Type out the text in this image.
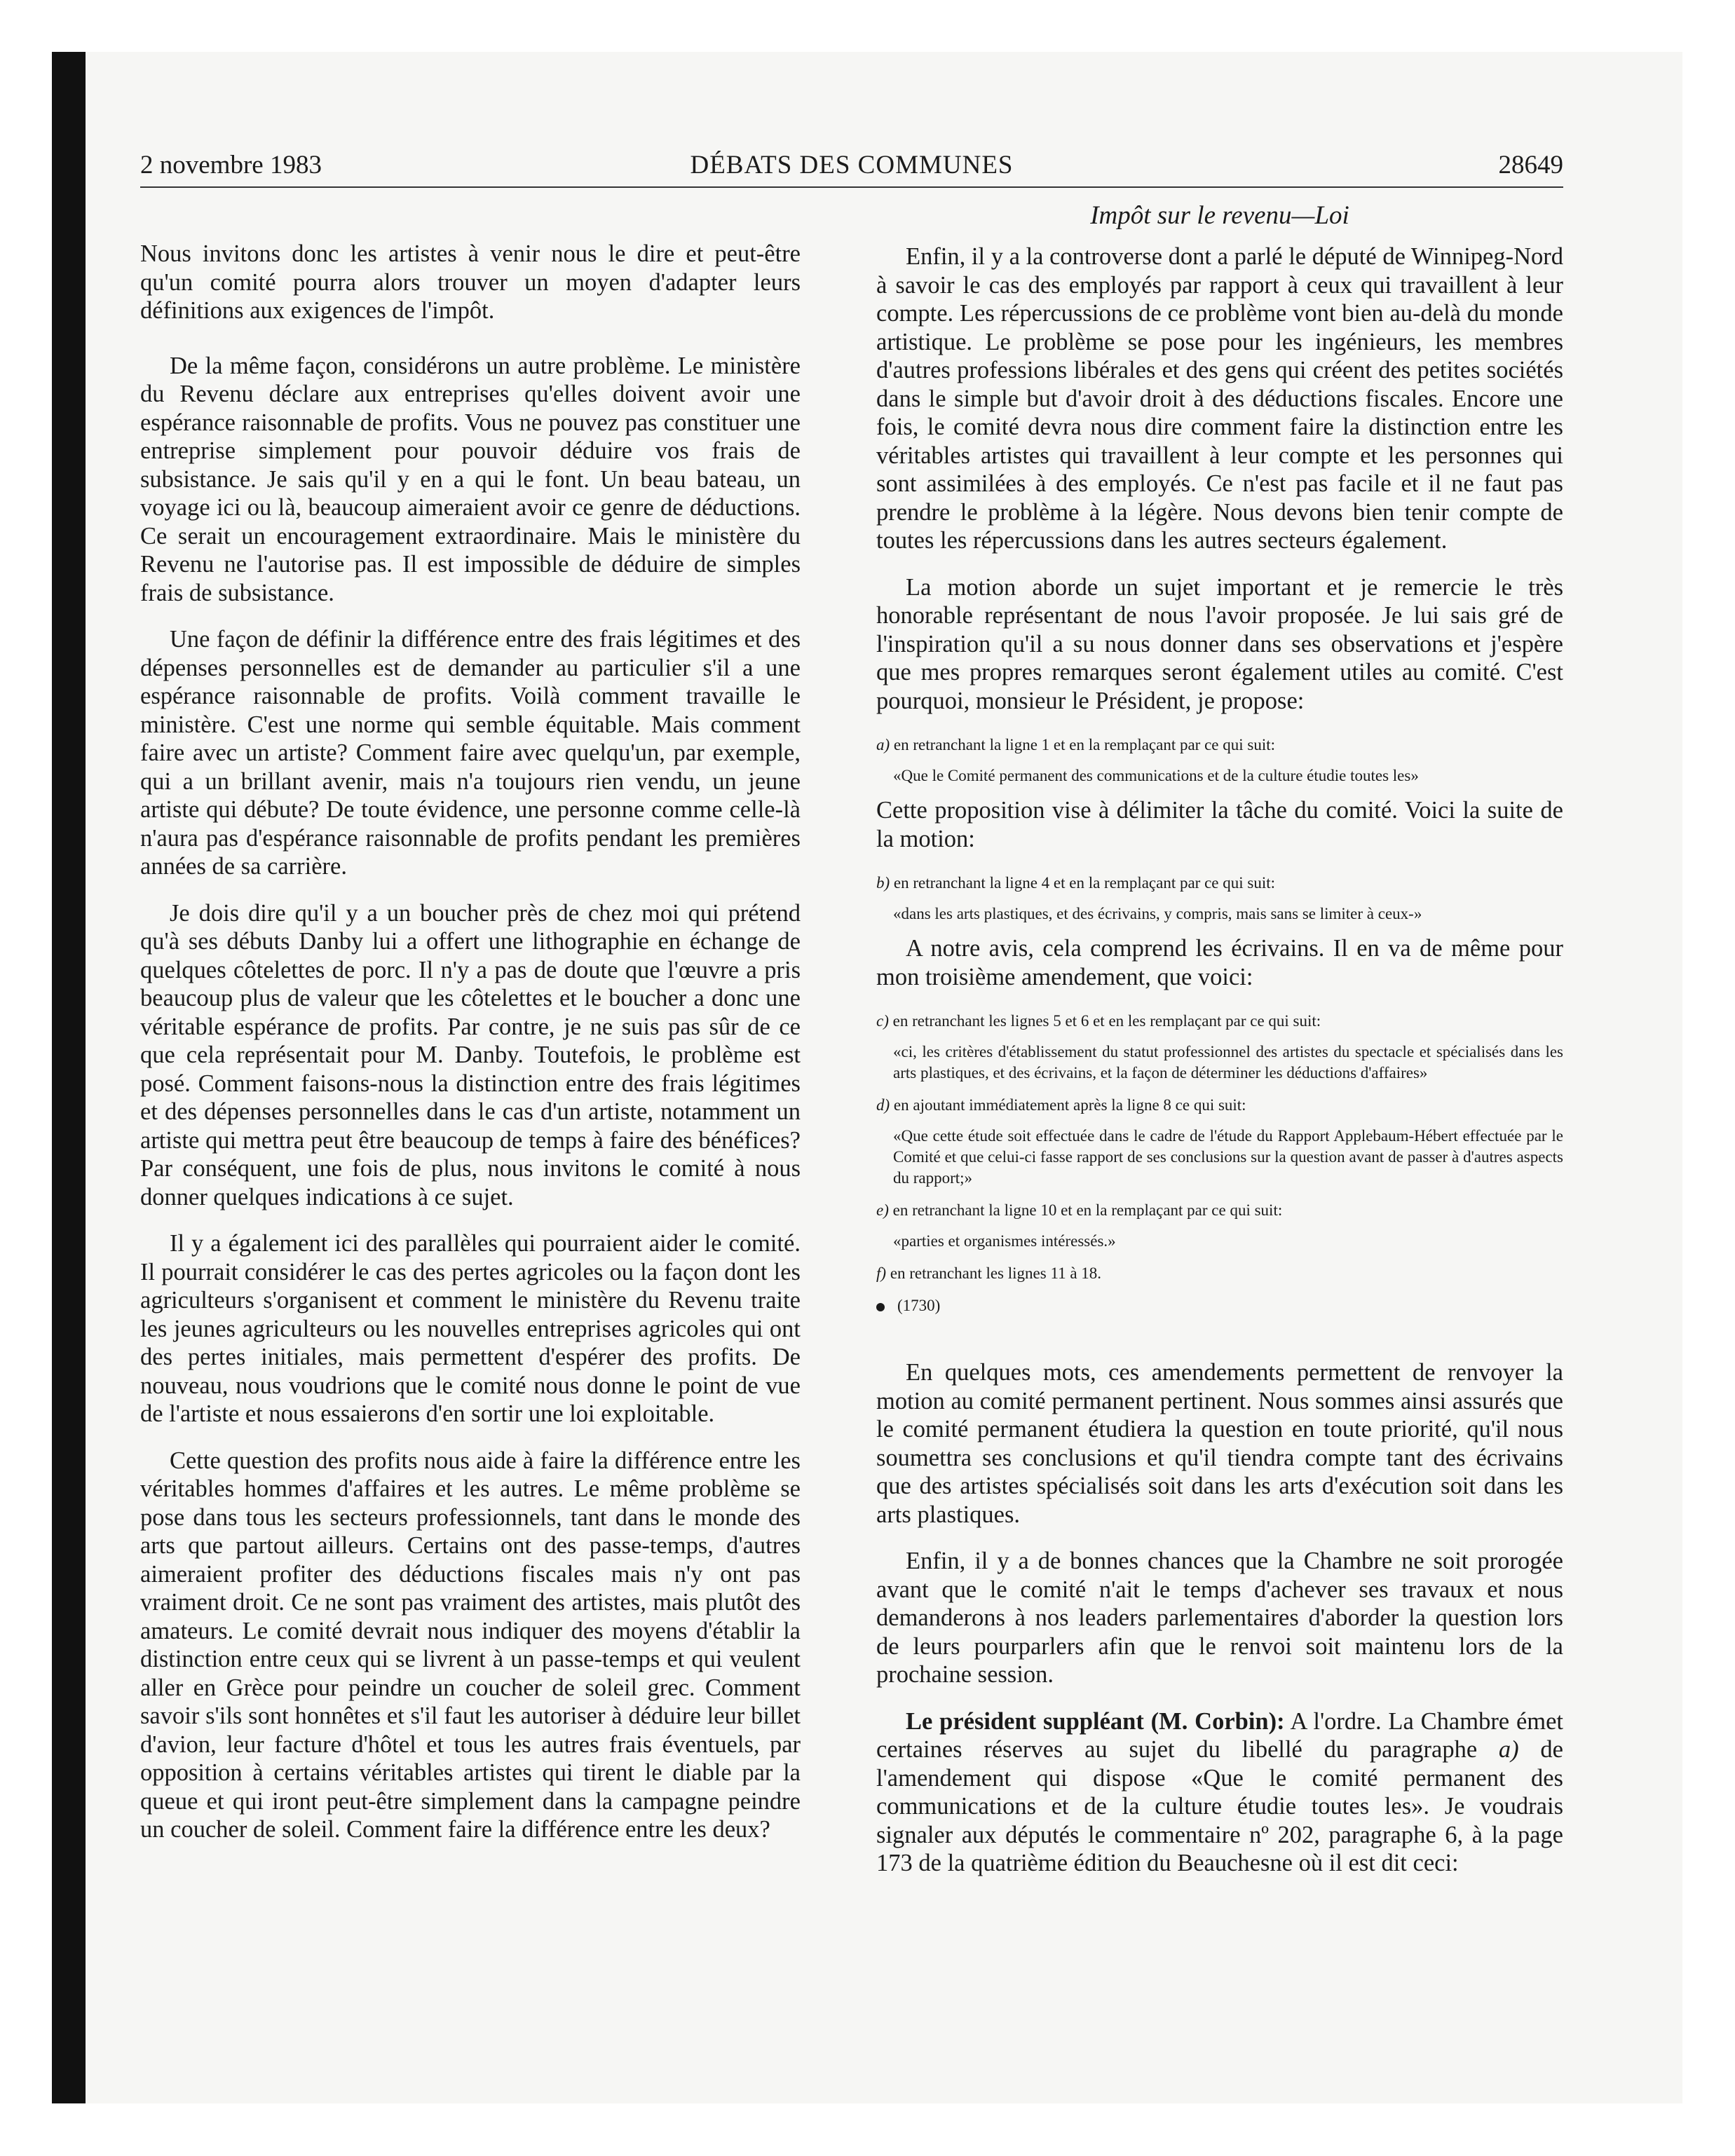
2 novembre 1983	DÉBATS DES COMMUNES	28649
Impôt sur le revenu—Loi

Nous invitons donc les artistes à venir nous le dire et peut-être qu'un comité pourra alors trouver un moyen d'adapter leurs définitions aux exigences de l'impôt.

De la même façon, considérons un autre problème. Le ministère du Revenu déclare aux entreprises qu'elles doivent avoir une espérance raisonnable de profits. Vous ne pouvez pas constituer une entreprise simplement pour pouvoir déduire vos frais de subsistance. Je sais qu'il y en a qui le font. Un beau bateau, un voyage ici ou là, beaucoup aimeraient avoir ce genre de déductions. Ce serait un encouragement extraordinaire. Mais le ministère du Revenu ne l'autorise pas. Il est impossible de déduire de simples frais de subsistance.

Une façon de définir la différence entre des frais légitimes et des dépenses personnelles est de demander au particulier s'il a une espérance raisonnable de profits. Voilà comment travaille le ministère. C'est une norme qui semble équitable. Mais comment faire avec un artiste? Comment faire avec quelqu'un, par exemple, qui a un brillant avenir, mais n'a toujours rien vendu, un jeune artiste qui débute? De toute évidence, une personne comme celle-là n'aura pas d'espérance raisonnable de profits pendant les premières années de sa carrière.

Je dois dire qu'il y a un boucher près de chez moi qui prétend qu'à ses débuts Danby lui a offert une lithographie en échange de quelques côtelettes de porc. Il n'y a pas de doute que l'œuvre a pris beaucoup plus de valeur que les côtelettes et le boucher a donc une véritable espérance de profits. Par contre, je ne suis pas sûr de ce que cela représentait pour M. Danby. Toutefois, le problème est posé. Comment faisons-nous la distinction entre des frais légitimes et des dépenses personnelles dans le cas d'un artiste, notamment un artiste qui mettra peut être beaucoup de temps à faire des bénéfices? Par conséquent, une fois de plus, nous invitons le comité à nous donner quelques indications à ce sujet.

Il y a également ici des parallèles qui pourraient aider le comité. Il pourrait considérer le cas des pertes agricoles ou la façon dont les agriculteurs s'organisent et comment le ministère du Revenu traite les jeunes agriculteurs ou les nouvelles entreprises agricoles qui ont des pertes initiales, mais permettent d'espérer des profits. De nouveau, nous voudrions que le comité nous donne le point de vue de l'artiste et nous essaierons d'en sortir une loi exploitable.

Cette question des profits nous aide à faire la différence entre les véritables hommes d'affaires et les autres. Le même problème se pose dans tous les secteurs professionnels, tant dans le monde des arts que partout ailleurs. Certains ont des passe-temps, d'autres aimeraient profiter des déductions fiscales mais n'y ont pas vraiment droit. Ce ne sont pas vraiment des artistes, mais plutôt des amateurs. Le comité devrait nous indiquer des moyens d'établir la distinction entre ceux qui se livrent à un passe-temps et qui veulent aller en Grèce pour peindre un coucher de soleil grec. Comment savoir s'ils sont honnêtes et s'il faut les autoriser à déduire leur billet d'avion, leur facture d'hôtel et tous les autres frais éventuels, par opposition à certains véritables artistes qui tirent le diable par la queue et qui iront peut-être simplement dans la campagne peindre un coucher de soleil. Comment faire la différence entre les deux?

Enfin, il y a la controverse dont a parlé le député de Winnipeg-Nord à savoir le cas des employés par rapport à ceux qui travaillent à leur compte. Les répercussions de ce problème vont bien au-delà du monde artistique. Le problème se pose pour les ingénieurs, les membres d'autres professions libérales et des gens qui créent des petites sociétés dans le simple but d'avoir droit à des déductions fiscales. Encore une fois, le comité devra nous dire comment faire la distinction entre les véritables artistes qui travaillent à leur compte et les personnes qui sont assimilées à des employés. Ce n'est pas facile et il ne faut pas prendre le problème à la légère. Nous devons bien tenir compte de toutes les répercussions dans les autres secteurs également.

La motion aborde un sujet important et je remercie le très honorable représentant de nous l'avoir proposée. Je lui sais gré de l'inspiration qu'il a su nous donner dans ses observations et j'espère que mes propres remarques seront également utiles au comité. C'est pourquoi, monsieur le Président, je propose:

a) en retranchant la ligne 1 et en la remplaçant par ce qui suit:

«Que le Comité permanent des communications et de la culture étudie toutes les»

Cette proposition vise à délimiter la tâche du comité. Voici la suite de la motion:

b) en retranchant la ligne 4 et en la remplaçant par ce qui suit:

«dans les arts plastiques, et des écrivains, y compris, mais sans se limiter à ceux-»

A notre avis, cela comprend les écrivains. Il en va de même pour mon troisième amendement, que voici:

c) en retranchant les lignes 5 et 6 et en les remplaçant par ce qui suit:

«ci, les critères d'établissement du statut professionnel des artistes du spectacle et spécialisés dans les arts plastiques, et des écrivains, et la façon de déterminer les déductions d'affaires»

d) en ajoutant immédiatement après la ligne 8 ce qui suit:

«Que cette étude soit effectuée dans le cadre de l'étude du Rapport Applebaum-Hébert effectuée par le Comité et que celui-ci fasse rapport de ses conclusions sur la question avant de passer à d'autres aspects du rapport;»

e) en retranchant la ligne 10 et en la remplaçant par ce qui suit:

«parties et organismes intéressés.»

f) en retranchant les lignes 11 à 18.

(1730)

En quelques mots, ces amendements permettent de renvoyer la motion au comité permanent pertinent. Nous sommes ainsi assurés que le comité permanent étudiera la question en toute priorité, qu'il nous soumettra ses conclusions et qu'il tiendra compte tant des écrivains que des artistes spécialisés soit dans les arts d'exécution soit dans les arts plastiques.

Enfin, il y a de bonnes chances que la Chambre ne soit prorogée avant que le comité n'ait le temps d'achever ses travaux et nous demanderons à nos leaders parlementaires d'aborder la question lors de leurs pourparlers afin que le renvoi soit maintenu lors de la prochaine session.

Le président suppléant (M. Corbin): A l'ordre. La Chambre émet certaines réserves au sujet du libellé du paragraphe a) de l'amendement qui dispose «Que le comité permanent des communications et de la culture étudie toutes les». Je voudrais signaler aux députés le commentaire nº 202, paragraphe 6, à la page 173 de la quatrième édition du Beauchesne où il est dit ceci:
